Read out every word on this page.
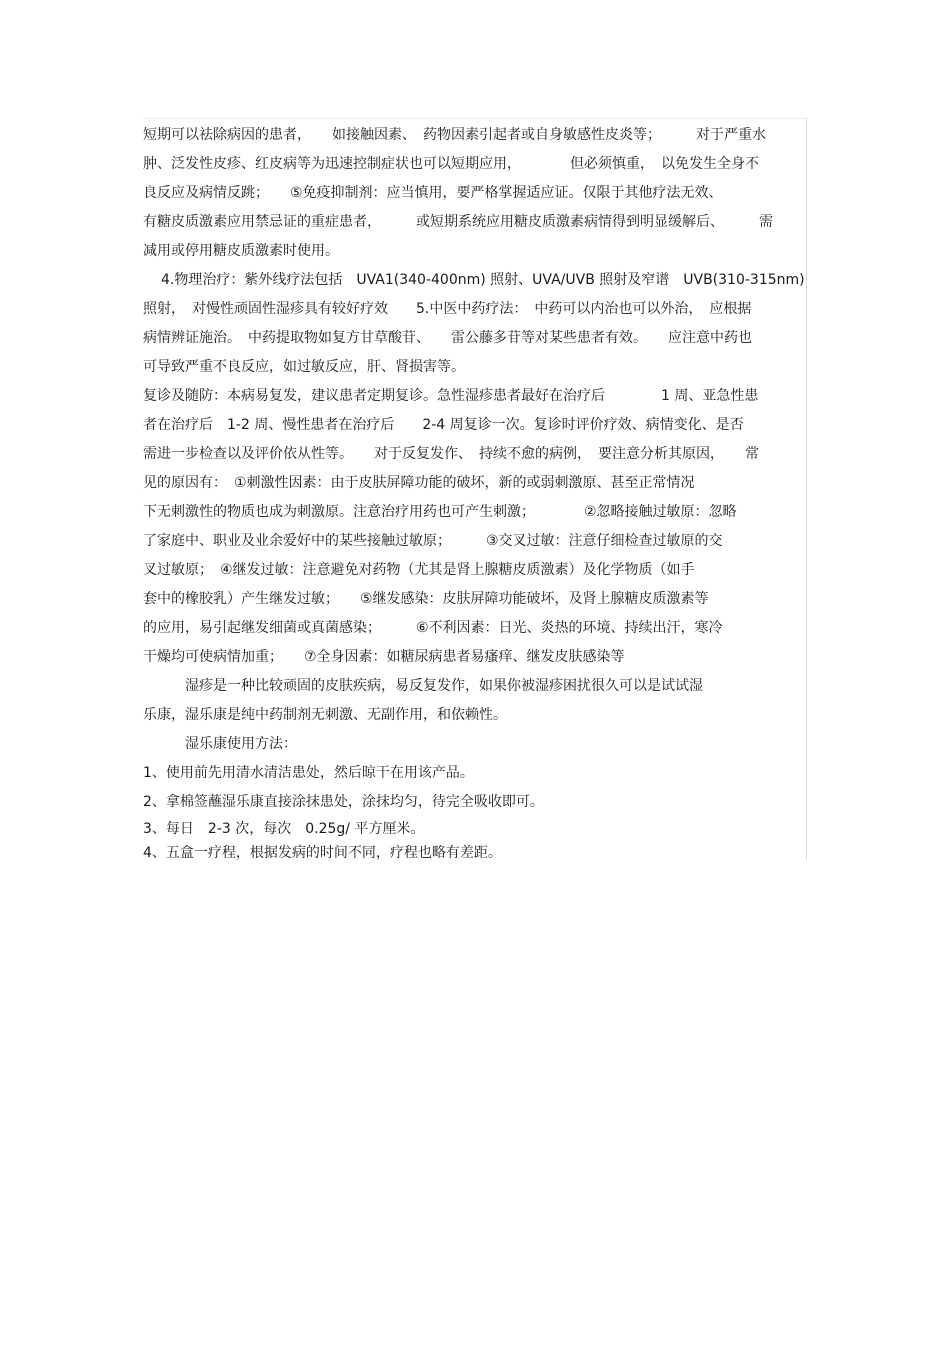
短期可以祛除病因的患者，　　如接触因素、　药物因素引起者或自身敏感性皮炎等；　　　对于严重水
肿、泛发性皮疹、红皮病等为迅速控制症状也可以短期应用，　　　　但必须慎重，　以免发生全身不
良反应及病情反跳；　　⑤免疫抑制剂：应当慎用，要严格掌握适应证。仅限于其他疗法无效、
有糖皮质激素应用禁忌证的重症患者，　　　或短期系统应用糖皮质激素病情得到明显缓解后、　　　需
减用或停用糖皮质激素时使用。
4.物理治疗：紫外线疗法包括　UVA1(340-400nm) 照射、UVA/UVB 照射及窄谱　UVB(310-315nm)
照射，　对慢性顽固性湿疹具有较好疗效　　5.中医中药疗法：　中药可以内治也可以外治，　应根据
病情辨证施治。　中药提取物如复方甘草酸苷、　　雷公藤多苷等对某些患者有效。　　应注意中药也
可导致严重不良反应，如过敏反应，肝、肾损害等。
复诊及随防：本病易复发，建议患者定期复诊。急性湿疹患者最好在治疗后　　　　1 周、亚急性患
者在治疗后　1-2 周、慢性患者在治疗后　　2-4 周复诊一次。复诊时评价疗效、病情变化、是否
需进一步检查以及评价依从性等。　　对于反复发作、　持续不愈的病例，　要注意分析其原因，　　常
见的原因有：　①刺激性因素：由于皮肤屏障功能的破坏，新的或弱刺激原、甚至正常情况
下无刺激性的物质也成为刺激原。注意治疗用药也可产生刺激；　　　　②忽略接触过敏原：忽略
了家庭中、职业及业余爱好中的某些接触过敏原；　　　③交叉过敏：注意仔细检查过敏原的交
叉过敏原；　④继发过敏：注意避免对药物（尤其是肾上腺糖皮质激素）及化学物质（如手
套中的橡胶乳）产生继发过敏；　　⑤继发感染：皮肤屏障功能破坏，及肾上腺糖皮质激素等
的应用，易引起继发细菌或真菌感染；　　　⑥不利因素：日光、炎热的环境、持续出汗，寒冷
干燥均可使病情加重；　　⑦全身因素：如糖尿病患者易瘙痒、继发皮肤感染等
湿疹是一种比较顽固的皮肤疾病，易反复发作，如果你被湿疹困扰很久可以是试试湿
乐康，湿乐康是纯中药制剂无刺激、无副作用，和依赖性。
湿乐康使用方法：
1、使用前先用清水清洁患处，然后晾干在用该产品。
2、拿棉签蘸湿乐康直接涂抹患处，涂抹均匀，待完全吸收即可。
3、每日　2-3 次，每次　0.25g/ 平方厘米。
4、五盒一疗程，根据发病的时间不同，疗程也略有差距。
